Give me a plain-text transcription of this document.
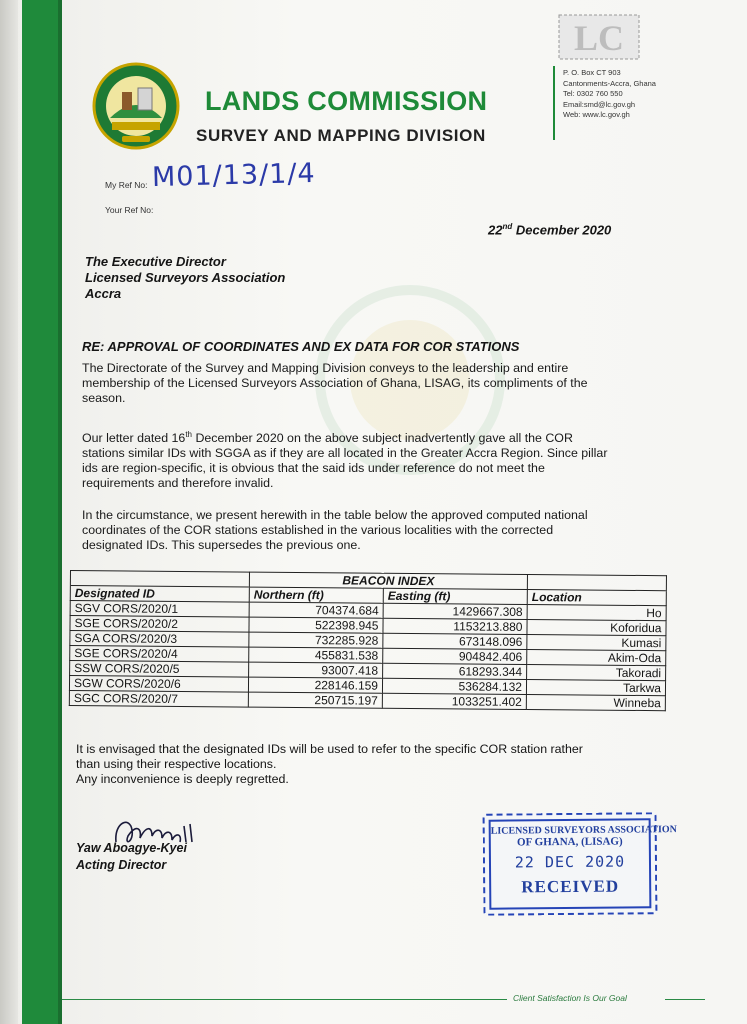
LANDS COMMISSION
SURVEY AND MAPPING DIVISION
LC
P. O. Box CT 903
Cantonments-Accra, Ghana
Tel: 0302 760 550
Email:smd@lc.gov.gh
Web: www.lc.gov.gh
My Ref No: M01/13/1/4
Your Ref No:
22nd December 2020
The Executive Director
Licensed Surveyors Association
Accra
RE: APPROVAL OF COORDINATES AND EX DATA FOR COR STATIONS
The Directorate of the Survey and Mapping Division conveys to the leadership and entire
membership of the Licensed Surveyors Association of Ghana, LISAG, its compliments of the
season.
Our letter dated 16th December 2020 on the above subject inadvertently gave all the COR
stations similar IDs with SGGA as if they are all located in the Greater Accra Region. Since pillar
ids are region-specific, it is obvious that the said ids under reference do not meet the
requirements and therefore invalid.
In the circumstance, we present herewith in the table below the approved computed national
coordinates of the COR stations established in the various localities with the corrected
designated IDs. This supersedes the previous one.
	BEACON INDEX		
Designated ID	Northern (ft)	Easting (ft)	Location
SGV CORS/2020/1	704374.684	1429667.308	Ho
SGE CORS/2020/2	522398.945	1153213.880	Koforidua
SGA CORS/2020/3	732285.928	673148.096	Kumasi
SGE CORS/2020/4	455831.538	904842.406	Akim-Oda
SSW CORS/2020/5	93007.418	618293.344	Takoradi
SGW CORS/2020/6	228146.159	536284.132	Tarkwa
SGC CORS/2020/7	250715.197	1033251.402	Winneba
It is envisaged that the designated IDs will be used to refer to the specific COR station rather
than using their respective locations.
Any inconvenience is deeply regretted.
Yaw Aboagye-Kyei
Acting Director
LICENSED SURVEYORS ASSOCIATION
OF GHANA, (LISAG)
22 DEC 2020
RECEIVED
Client Satisfaction Is Our Goal
